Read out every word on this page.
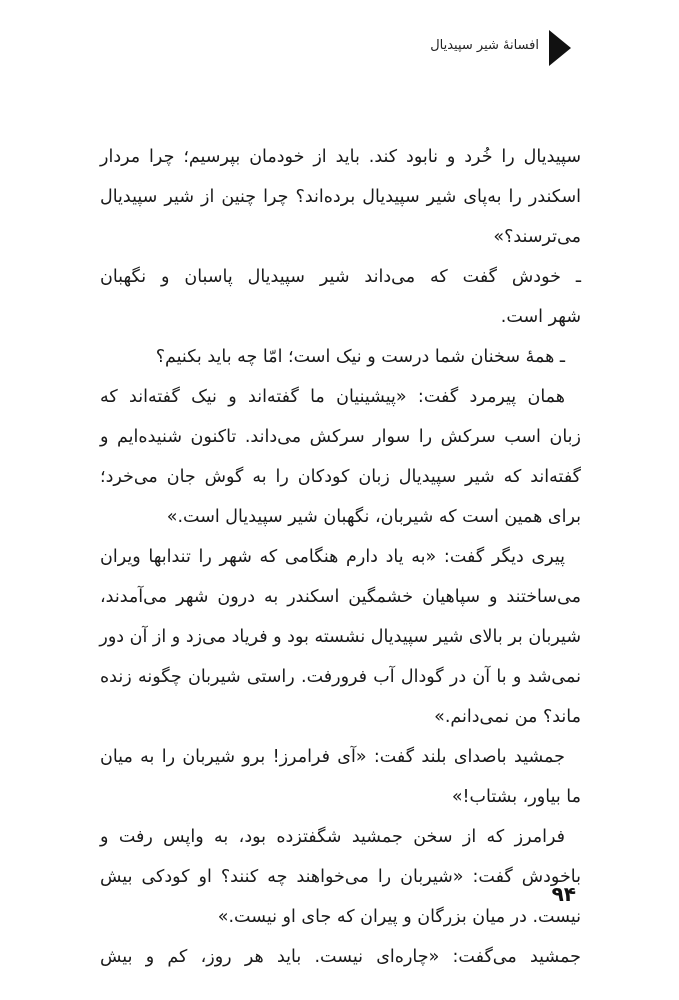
افسانهٔ شیر سپیدیال
سپیدیال را خُرد و نابود کند. باید از خودمان بپرسیم؛ چرا مردار
اسکندر را به‌پای شیر سپیدیال برده‌اند؟ چرا چنین از شیر سپیدیال
می‌ترسند؟»
ـ خودش گفت که می‌داند شیر سپیدیال پاسبان و نگهبان
شهر است.
ـ همهٔ سخنان شما درست و نیک است؛ امّا چه باید بکنیم؟
همان پیرمرد گفت: «پیشینیان ما گفته‌اند و نیک گفته‌اند که
زبان اسب سرکش را سوار سرکش می‌داند. تاکنون شنیده‌ایم و
گفته‌اند که شیر سپیدیال زبان کودکان را به گوش جان می‌خرد؛
برای همین است که شیربان، نگهبان شیر سپیدیال است.»
پیری دیگر گفت: «به یاد دارم هنگامی که شهر را تندابها ویران
می‌ساختند و سپاهیان خشمگین اسکندر به درون شهر می‌آمدند،
شیربان بر بالای شیر سپیدیال نشسته بود و فریاد می‌زد و از آن دور
نمی‌شد و با آن در گودال آب فرورفت. راستی شیربان چگونه زنده
ماند؟ من نمی‌دانم.»
جمشید باصدای بلند گفت: «آی فرامرز! برو شیربان را به میان
ما بیاور، بشتاب!»
فرامرز که از سخن جمشید شگفتزده بود، به واپس رفت و
باخودش گفت: «شیربان را می‌خواهند چه کنند؟ او کودکی بیش
نیست. در میان بزرگان و پیران که جای او نیست.»
جمشید می‌گفت: «چاره‌ای نیست. باید هر روز، کم و بیش
۹۴
